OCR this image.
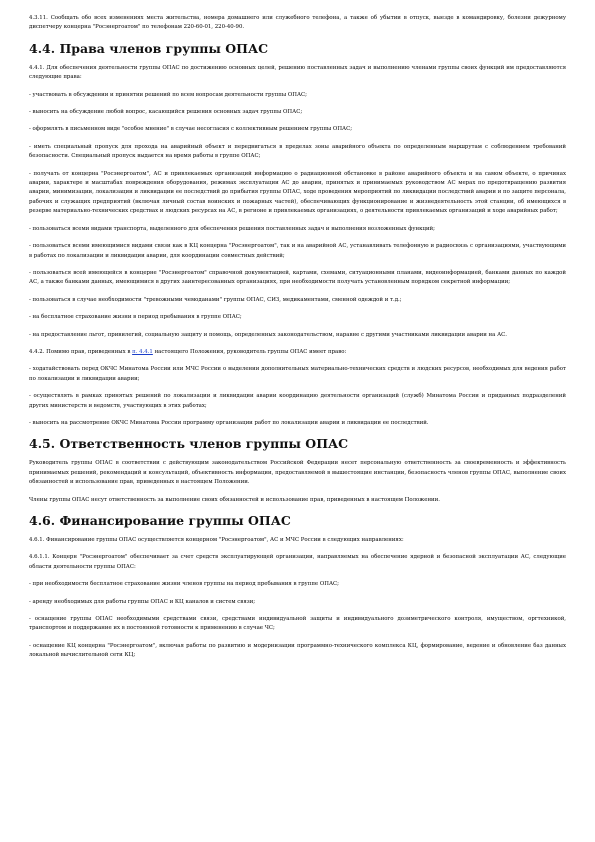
4.3.11. Сообщать обо всех изменениях места жительства, номера домашнего или служебного телефона, а также об убытии в отпуск, выезде в командировку, болезни дежурному диспетчеру концерна "Росэнергоатом" по телефонам 220-60-01, 220-40-90.

4.4. Права членов группы ОПАС

4.4.1. Для обеспечения деятельности группы ОПАС по достижению основных целей, решению поставленных задач и выполнению членами группы своих функций им предоставляются следующие права:

- участвовать в обсуждении и принятии решений по всем вопросам деятельности группы ОПАС;

- выносить на обсуждение любой вопрос, касающийся решения основных задач группы ОПАС;

- оформлять в письменном виде "особое мнение" в случае несогласия с коллективным решением группы ОПАС;

- иметь специальный пропуск для прохода на аварийный объект и передвигаться в пределах зоны аварийного объекта по определенным маршрутам с соблюдением требований безопасности. Специальный пропуск выдается на время работы в группе ОПАС;

- получать от концерна "Росэнергоатом", АС и привлекаемых организаций информацию о радиационной обстановке в районе аварийного объекта и на самом объекте, о причинах аварии, характере и масштабах повреждения оборудования, режимах эксплуатации АС до аварии, принятых и принимаемых руководством АС мерах по предотвращению развития аварии, минимизации, локализации и ликвидации ее последствий до прибытия группы ОПАС, ходе проведения мероприятий по ликвидации последствий аварии и по защите персонала, рабочих и служащих предприятий (включая личный состав воинских и пожарных частей), обеспечивающих функционирование и жизнедеятельность этой станции, об имеющихся в резерве материально-технических средствах и людских ресурсах на АС, в регионе и привлекаемых организациях, о деятельности привлекаемых организаций и ходе аварийных работ;

- пользоваться всеми видами транспорта, выделенного для обеспечения решения поставленных задач и выполнения возложенных функций;

- пользоваться всеми имеющимися видами связи как в КЦ концерна "Росэнергоатом", так и на аварийной АС, устанавливать телефонную и радиосвязь с организациями, участвующими в работах по локализации и ликвидации аварии, для координации совместных действий;

- пользоваться всей имеющейся в концерне "Росэнергоатом" справочной документацией, картами, схемами, ситуационными планами, видеоинформацией, банками данных по каждой АС, а также банками данных, имеющимися в других заинтересованных организациях, при необходимости получать установленным порядком секретной информации;

- пользоваться в случае необходимости "тревожными чемоданами" группы ОПАС, СИЗ, медикаментами, сменной одеждой и т.д.;

- на бесплатное страхование жизни в период пребывания в группе ОПАС;

- на предоставление льгот, привилегий, социальную защиту и помощь, определенных законодательством, наравне с другими участниками ликвидации аварии на АС.

4.4.2. Помимо прав, приведенных в п. 4.4.1 настоящего Положения, руководитель группы ОПАС имеет право:

- ходатайствовать перед ОКЧС Минатома России или МЧС России о выделении дополнительных материально-технических средств и людских ресурсов, необходимых для ведения работ по локализации и ликвидации аварии;

- осуществлять в рамках принятых решений по локализации и ликвидации аварии координацию деятельности организаций (служб) Минатома России и приданных подразделений других министерств и ведомств, участвующих в этих работах;

- выносить на рассмотрение ОКЧС Минатома России программу организации работ по локализации аварии и ликвидации ее последствий.

4.5. Ответственность членов группы ОПАС

Руководитель группы ОПАС в соответствии с действующим законодательством Российской Федерации несет персональную ответственность за своевременность и эффективность принимаемых решений, рекомендаций и консультаций, объективность информации, предоставляемой в вышестоящие инстанции, безопасность членов группы ОПАС, выполнение своих обязанностей и использование прав, приведенных в настоящем Положении.

Члены группы ОПАС несут ответственность за выполнение своих обязанностей и использование прав, приведенных в настоящем Положении.

4.6. Финансирование группы ОПАС

4.6.1. Финансирование группы ОПАС осуществляется концерном "Росэнергоатом", АС и МЧС России в следующих направлениях:

4.6.1.1. Концерн "Росэнергоатом" обеспечивает за счет средств эксплуатирующей организации, направляемых на обеспечение ядерной и безопасной эксплуатации АС, следующие области деятельности группы ОПАС:

- при необходимости бесплатное страхование жизни членов группы на период пребывания в группе ОПАС;

- аренду необходимых для работы группы ОПАС и КЦ каналов и систем связи;

- оснащение группы ОПАС необходимыми средствами связи, средствами индивидуальной защиты и индивидуального дозиметрического контроля, имуществом, оргтехникой, транспортом и поддержание их в постоянной готовности к применению в случае ЧС;

- оснащение КЦ концерна "Росэнергоатом", включая работы по развитию и модернизации программно-технического комплекса КЦ, формирование, ведение и обновление баз данных локальной вычислительной сети КЦ;
